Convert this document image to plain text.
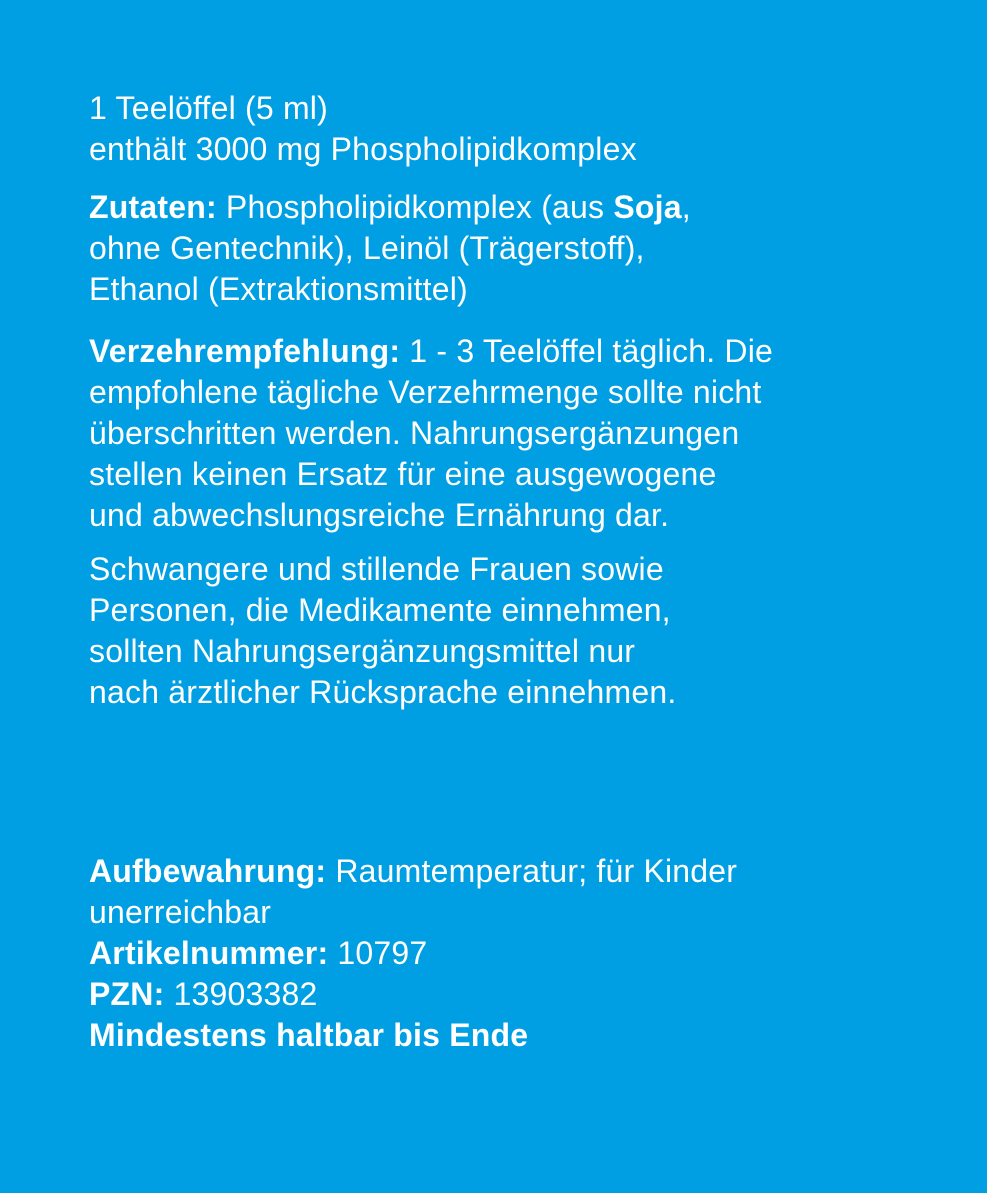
1 Teelöffel (5 ml)
enthält 3000 mg Phospholipidkomplex
Zutaten: Phospholipidkomplex (aus Soja,
ohne Gentechnik), Leinöl (Trägerstoff),
Ethanol (Extraktionsmittel)
Verzehrempfehlung: 1 - 3 Teelöffel täglich. Die
empfohlene tägliche Verzehrmenge sollte nicht
überschritten werden. Nahrungsergänzungen
stellen keinen Ersatz für eine ausgewogene
und abwechslungsreiche Ernährung dar.
Schwangere und stillende Frauen sowie
Personen, die Medikamente einnehmen,
sollten Nahrungsergänzungsmittel nur
nach ärztlicher Rücksprache einnehmen.
Aufbewahrung: Raumtemperatur; für Kinder
unerreichbar
Artikelnummer: 10797
PZN: 13903382
Mindestens haltbar bis Ende
